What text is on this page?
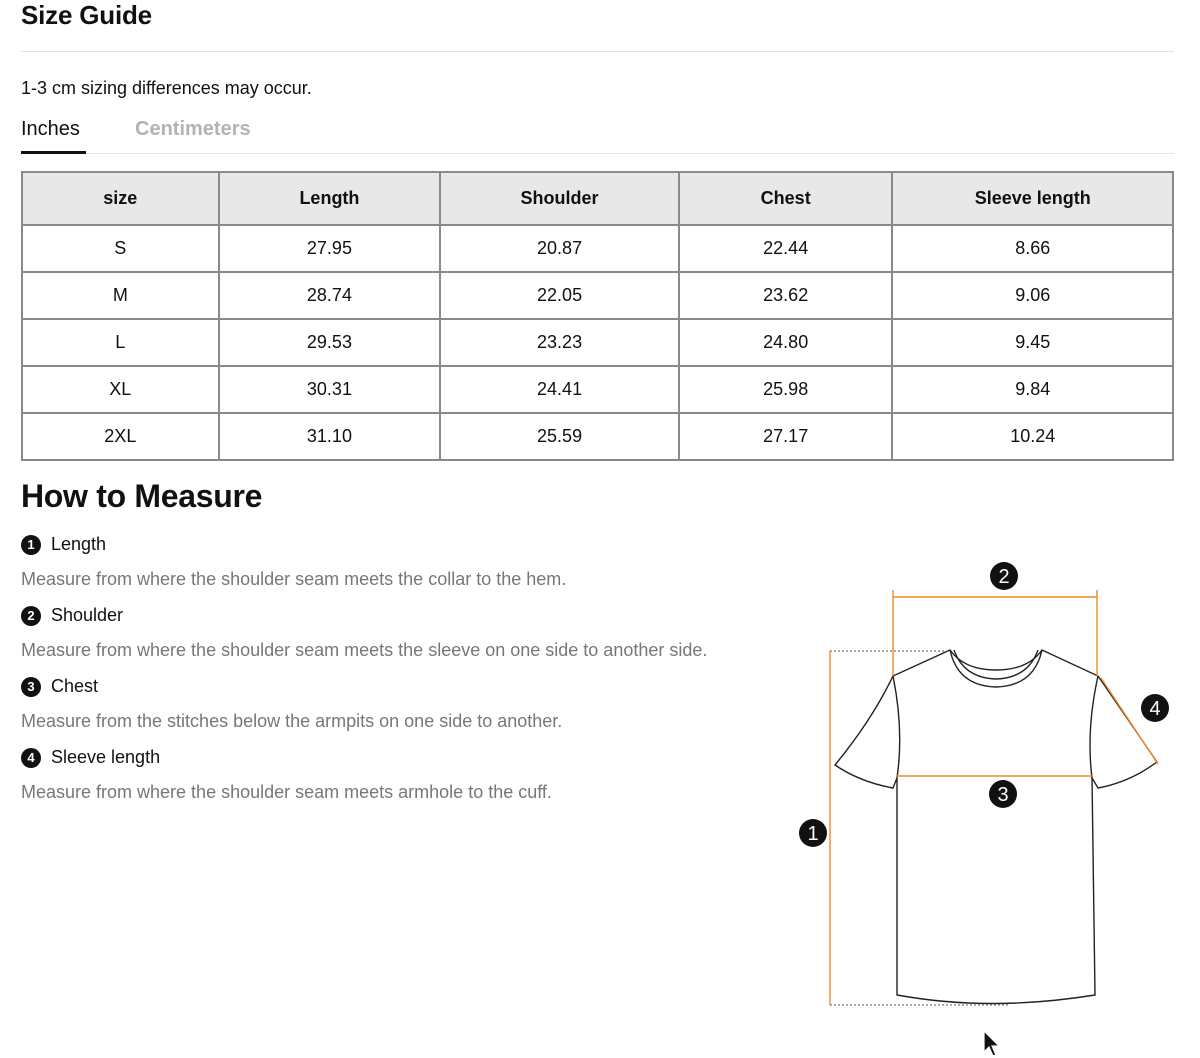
Size Guide
1-3 cm sizing differences may occur.
Inches	Centimeters
size	Length	Shoulder	Chest	Sleeve length
S	27.95	20.87	22.44	8.66
M	28.74	22.05	23.62	9.06
L	29.53	23.23	24.80	9.45
XL	30.31	24.41	25.98	9.84
2XL	31.10	25.59	27.17	10.24
How to Measure
1 Length
Measure from where the shoulder seam meets the collar to the hem.
2 Shoulder
Measure from where the shoulder seam meets the sleeve on one side to another side.
3 Chest
Measure from the stitches below the armpits on one side to another.
4 Sleeve length
Measure from where the shoulder seam meets armhole to the cuff.
1
2
3
4
